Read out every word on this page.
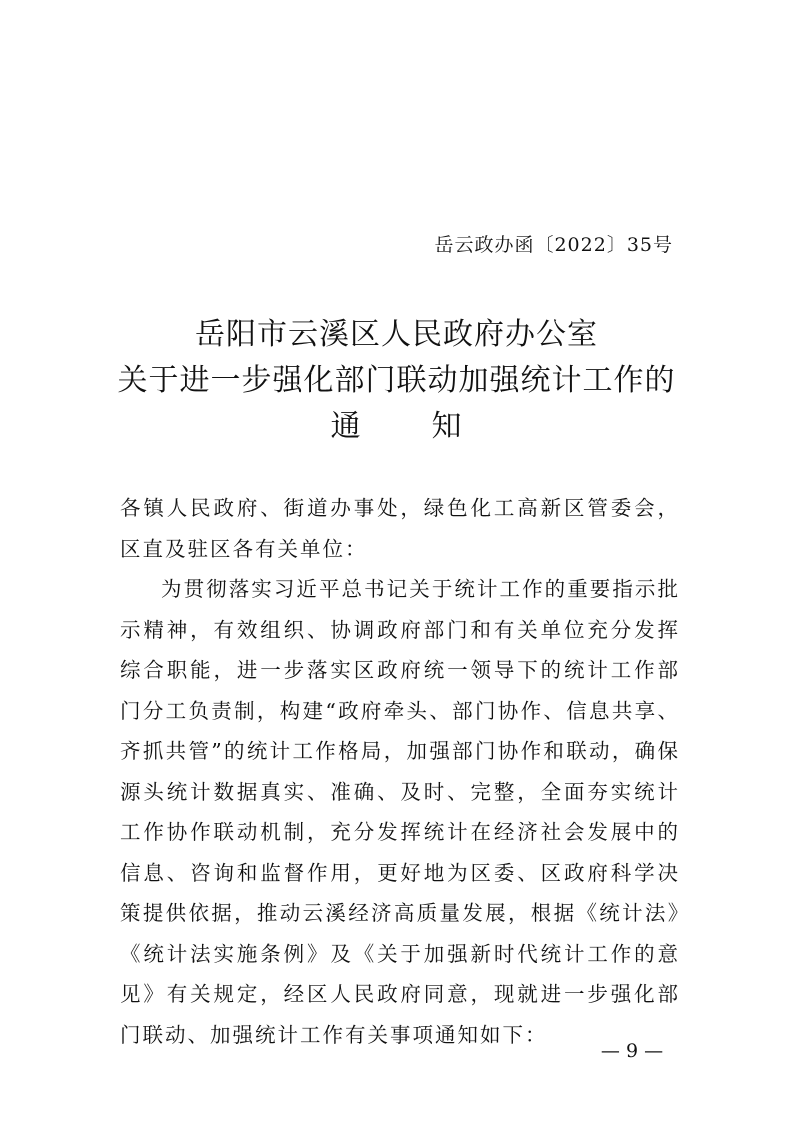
岳云政办函〔2022〕35号
岳阳市云溪区人民政府办公室
关于进一步强化部门联动加强统计工作的
通 知

各镇人民政府、街道办事处，绿色化工高新区管委会，区直及驻区各有关单位：

为贯彻落实习近平总书记关于统计工作的重要指示批示精神，有效组织、协调政府部门和有关单位充分发挥综合职能，进一步落实区政府统一领导下的统计工作部门分工负责制，构建“政府牵头、部门协作、信息共享、齐抓共管”的统计工作格局，加强部门协作和联动，确保源头统计数据真实、准确、及时、完整，全面夯实统计工作协作联动机制，充分发挥统计在经济社会发展中的信息、咨询和监督作用，更好地为区委、区政府科学决策提供依据，推动云溪经济高质量发展，根据《统计法》《统计法实施条例》及《关于加强新时代统计工作的意见》有关规定，经区人民政府同意，现就进一步强化部门联动、加强统计工作有关事项通知如下：

— 9 —
